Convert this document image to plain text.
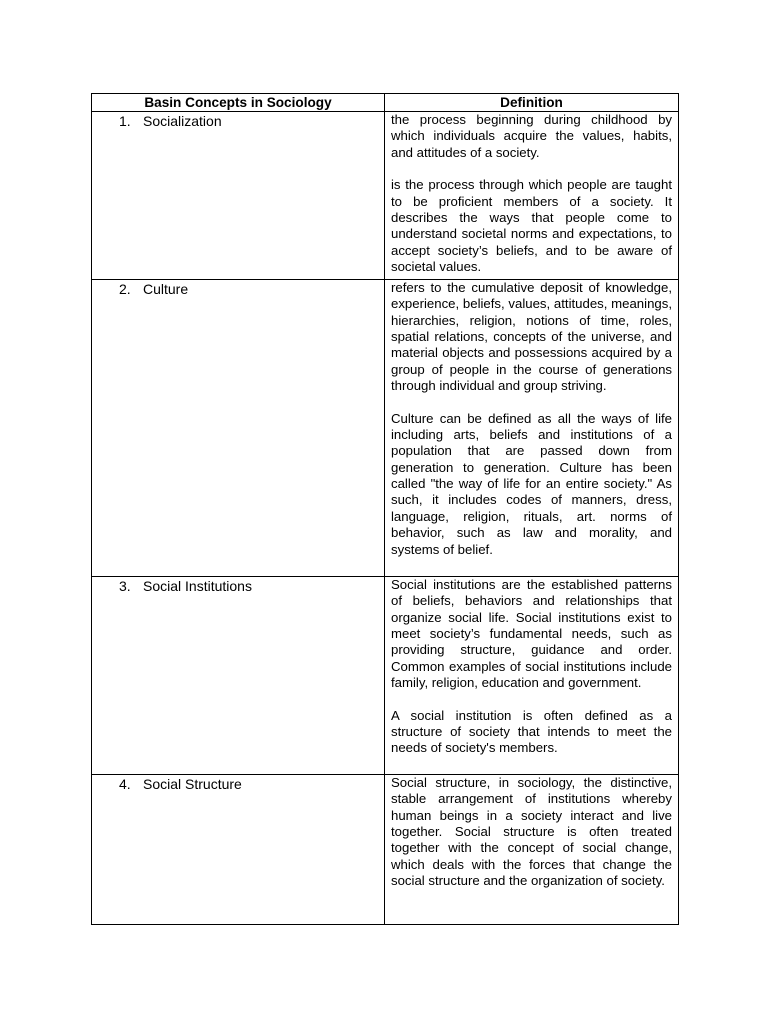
Basin Concepts in Sociology	Definition
1. Socialization	the process beginning during childhood by which individuals acquire the values, habits, and attitudes of a society.

is the process through which people are taught to be proficient members of a society. It describes the ways that people come to understand societal norms and expectations, to accept society’s beliefs, and to be aware of societal values.

2. Culture	refers to the cumulative deposit of knowledge, experience, beliefs, values, attitudes, meanings, hierarchies, religion, notions of time, roles, spatial relations, concepts of the universe, and material objects and possessions acquired by a group of people in the course of generations through individual and group striving.

Culture can be defined as all the ways of life including arts, beliefs and institutions of a population that are passed down from generation to generation. Culture has been called "the way of life for an entire society." As such, it includes codes of manners, dress, language, religion, rituals, art. norms of behavior, such as law and morality, and systems of belief.

3. Social Institutions	Social institutions are the established patterns of beliefs, behaviors and relationships that organize social life. Social institutions exist to meet society’s fundamental needs, such as providing structure, guidance and order. Common examples of social institutions include family, religion, education and government.

A social institution is often defined as a structure of society that intends to meet the needs of society's members.

4. Social Structure	Social structure, in sociology, the distinctive, stable arrangement of institutions whereby human beings in a society interact and live together. Social structure is often treated together with the concept of social change, which deals with the forces that change the social structure and the organization of society.
